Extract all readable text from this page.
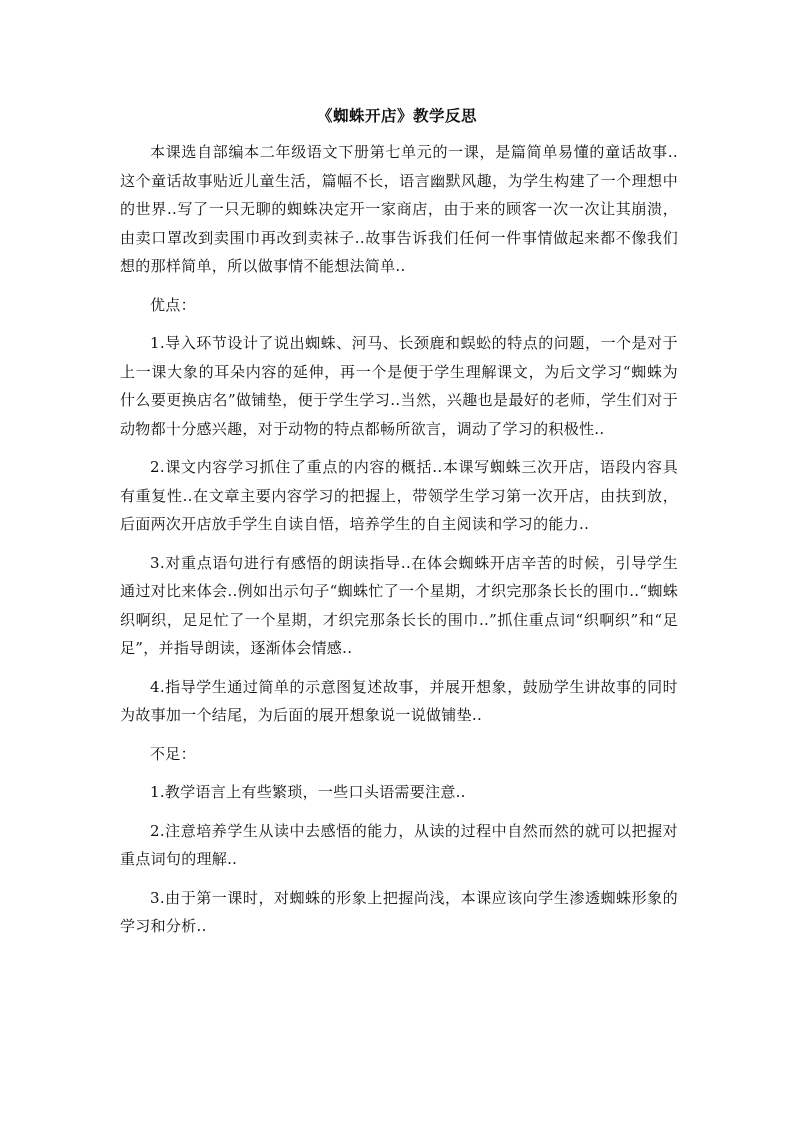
《蜘蛛开店》教学反思

本课选自部编本二年级语文下册第七单元的一课，是篇简单易懂的童话故事..这个童话故事贴近儿童生活，篇幅不长，语言幽默风趣，为学生构建了一个理想中的世界..写了一只无聊的蜘蛛决定开一家商店，由于来的顾客一次一次让其崩溃，由卖口罩改到卖围巾再改到卖袜子..故事告诉我们任何一件事情做起来都不像我们想的那样简单，所以做事情不能想法简单..

优点：

1.导入环节设计了说出蜘蛛、河马、长颈鹿和蜈蚣的特点的问题，一个是对于上一课大象的耳朵内容的延伸，再一个是便于学生理解课文，为后文学习“蜘蛛为什么要更换店名”做铺垫，便于学生学习..当然，兴趣也是最好的老师，学生们对于动物都十分感兴趣，对于动物的特点都畅所欲言，调动了学习的积极性..

2.课文内容学习抓住了重点的内容的概括..本课写蜘蛛三次开店，语段内容具有重复性..在文章主要内容学习的把握上，带领学生学习第一次开店，由扶到放，后面两次开店放手学生自读自悟，培养学生的自主阅读和学习的能力..

3.对重点语句进行有感悟的朗读指导..在体会蜘蛛开店辛苦的时候，引导学生通过对比来体会..例如出示句子“蜘蛛忙了一个星期，才织完那条长长的围巾..“蜘蛛织啊织，足足忙了一个星期，才织完那条长长的围巾..”抓住重点词“织啊织”和“足足”，并指导朗读，逐渐体会情感..

4.指导学生通过简单的示意图复述故事，并展开想象，鼓励学生讲故事的同时为故事加一个结尾，为后面的展开想象说一说做铺垫..

不足：

1.教学语言上有些繁琐，一些口头语需要注意..

2.注意培养学生从读中去感悟的能力，从读的过程中自然而然的就可以把握对重点词句的理解..

3.由于第一课时，对蜘蛛的形象上把握尚浅，本课应该向学生渗透蜘蛛形象的学习和分析..
